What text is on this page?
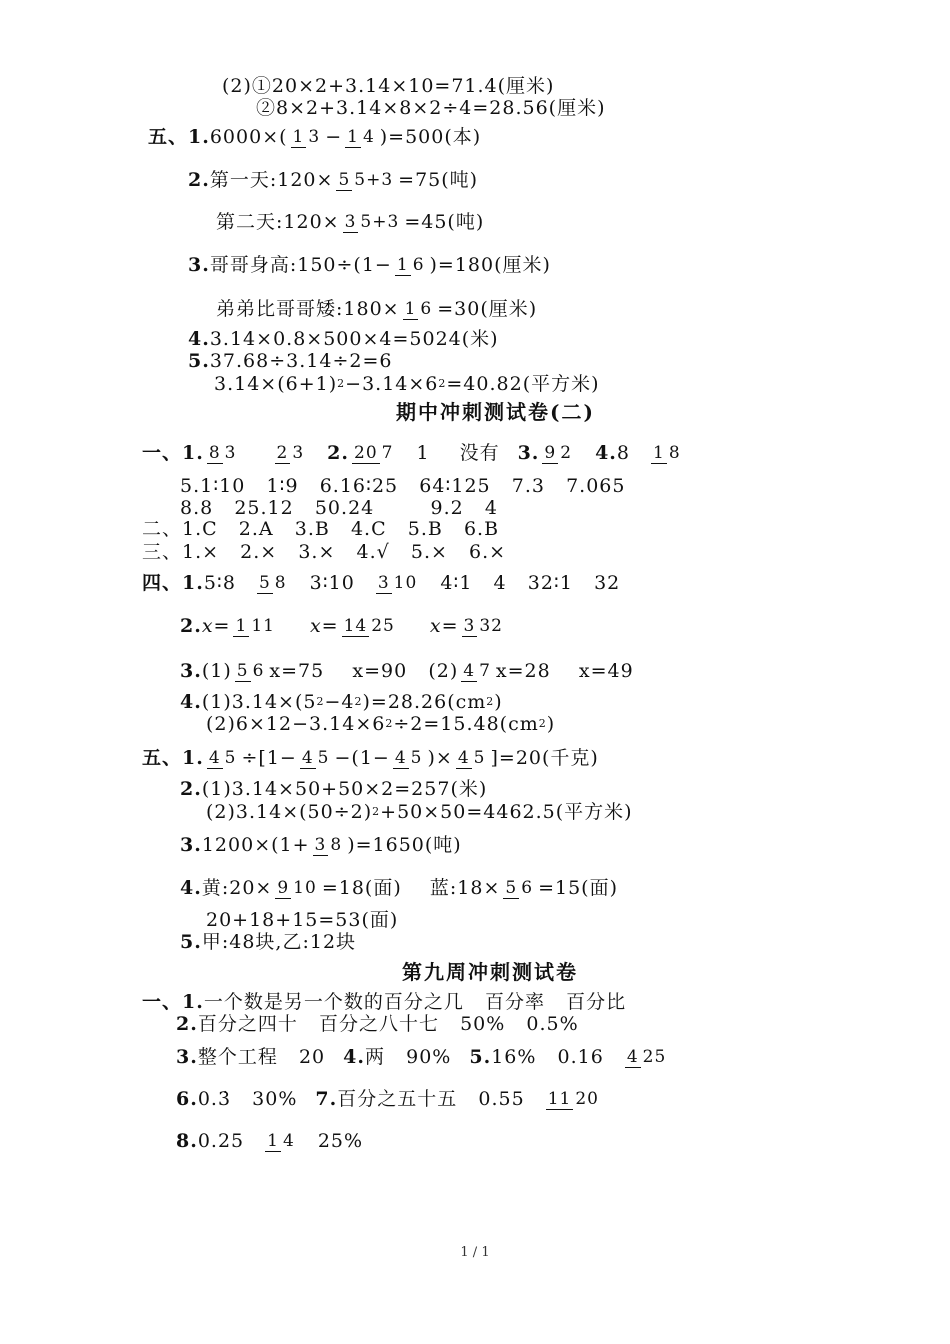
(2)①20×2+3.14×10=71.4(厘米)
②8×2+3.14×8×2÷4=28.56(厘米)
五、1. 6000×( 1 3 − 1 4 )=500(本)
2. 第一天:120× 5 5+3 =75(吨)
第二天:120× 3 5+3 =45(吨)
3. 哥哥身高:150÷(1− 1 6 )=180(厘米)
弟弟比哥哥矮:180× 1 6 =30(厘米)
4. 3.14×0.8×500×4=5024(米)
5. 37.68÷3.14÷2=6
3.14×(6+1) 2 −3.14×6 2 =40.82(平方米)
期中冲刺测试卷(二)
一、1. 8 3 2 3 2. 20 7 1 没有 3. 9 2 4. 8 1 8
5.1∶10   1∶9   6.16∶25   64∶125   7.3   7.065
8.8   25.12   50.24        9.2   4
二、1.C   2.A   3.B   4.C   5.B   6.B
三、1.×   2.×   3.×   4.√   5.×   6.×
四、1. 5∶8 5 8 3∶10 3 10 4∶1   4   32∶1   32
2. x= 1 11 x= 14 25 x= 3 32
3. (1) 5 6 x=75    x=90   (2) 4 7 x=28    x=49
4. (1)3.14×(5 2 −4 2 )=28.26(cm 2 )
(2)6×12−3.14×6 2 ÷2=15.48(cm 2 )
五、1. 4 5 ÷[1− 4 5 −(1− 4 5 )× 4 5 ]=20(千克)
2. (1)3.14×50+50×2=257(米)
(2)3.14×(50÷2) 2 +50×50=4462.5(平方米)
3. 1200×(1+ 3 8 )=1650(吨)
4. 黄:20× 9 10 =18(面)    蓝:18× 5 6 =15(面)
20+18+15=53(面)
5. 甲:48块,乙:12块
第九周冲刺测试卷
一、1. 一个数是另一个数的百分之几   百分率   百分比
2. 百分之四十   百分之八十七   50%   0.5%
3. 整个工程   20 4. 两   90% 5. 16%   0.16 4 25
6. 0.3̇   30% 7. 百分之五十五   0.55 11 20
8. 0.25 1 4 25%
1 / 1
